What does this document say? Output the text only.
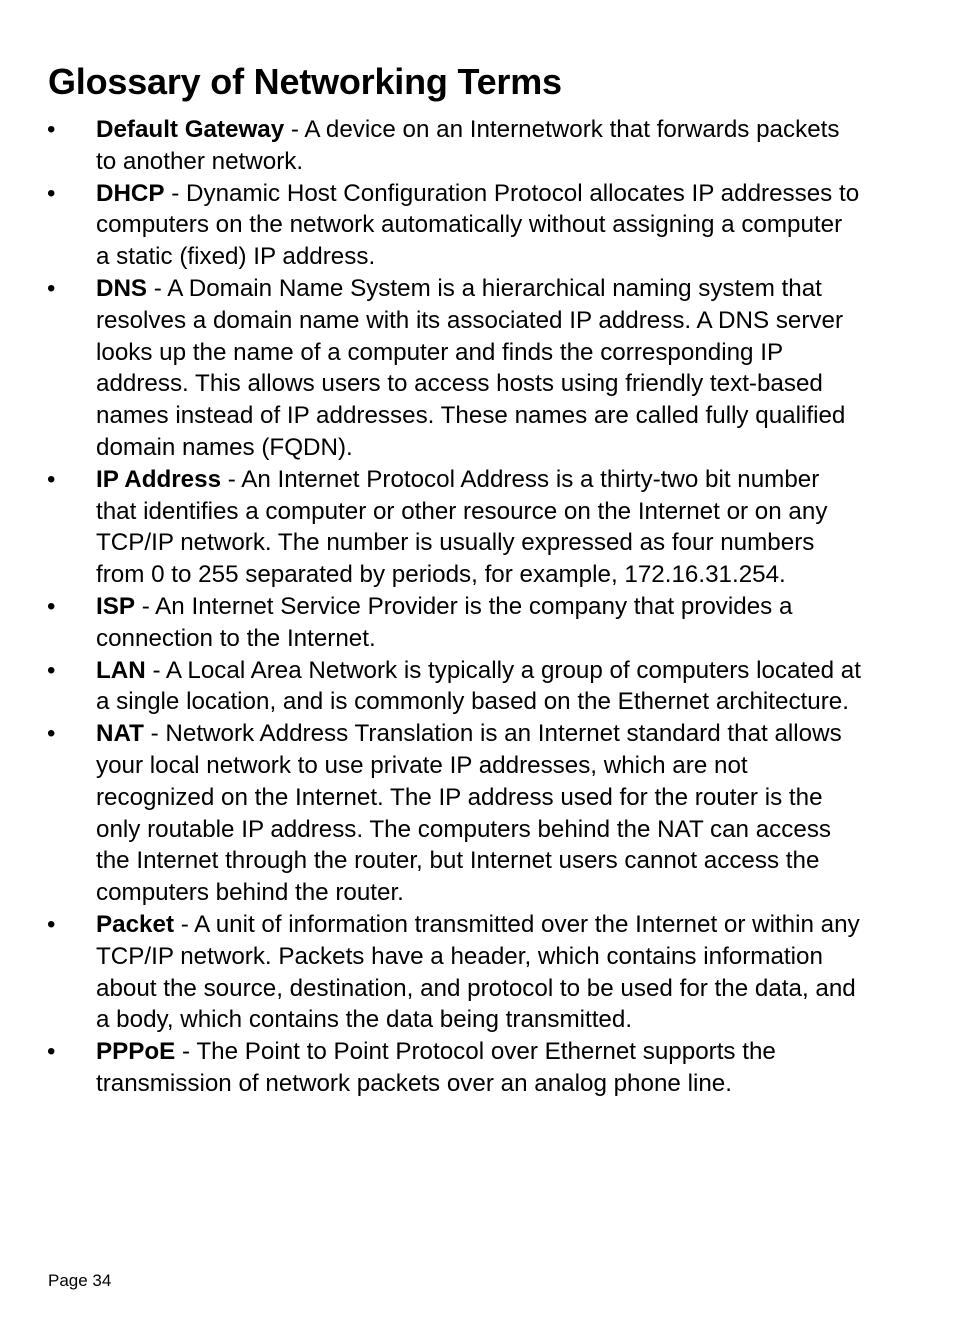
Glossary of Networking Terms
• Default Gateway - A device on an Internetwork that forwards packets to another network.
• DHCP - Dynamic Host Configuration Protocol allocates IP addresses to computers on the network automatically without assigning a computer a static (fixed) IP address.
• DNS - A Domain Name System is a hierarchical naming system that resolves a domain name with its associated IP address. A DNS server looks up the name of a computer and finds the corresponding IP address. This allows users to access hosts using friendly text-based names instead of IP addresses. These names are called fully qualified domain names (FQDN).
• IP Address - An Internet Protocol Address is a thirty-two bit number that identifies a computer or other resource on the Internet or on any TCP/IP network. The number is usually expressed as four numbers from 0 to 255 separated by periods, for example, 172.16.31.254.
• ISP - An Internet Service Provider is the company that provides a connection to the Internet.
• LAN - A Local Area Network is typically a group of computers located at a single location, and is commonly based on the Ethernet architecture.
• NAT - Network Address Translation is an Internet standard that allows your local network to use private IP addresses, which are not recognized on the Internet. The IP address used for the router is the only routable IP address. The computers behind the NAT can access the Internet through the router, but Internet users cannot access the computers behind the router.
• Packet - A unit of information transmitted over the Internet or within any TCP/IP network. Packets have a header, which contains information about the source, destination, and protocol to be used for the data, and a body, which contains the data being transmitted.
• PPPoE - The Point to Point Protocol over Ethernet supports the transmission of network packets over an analog phone line.
Page 34
